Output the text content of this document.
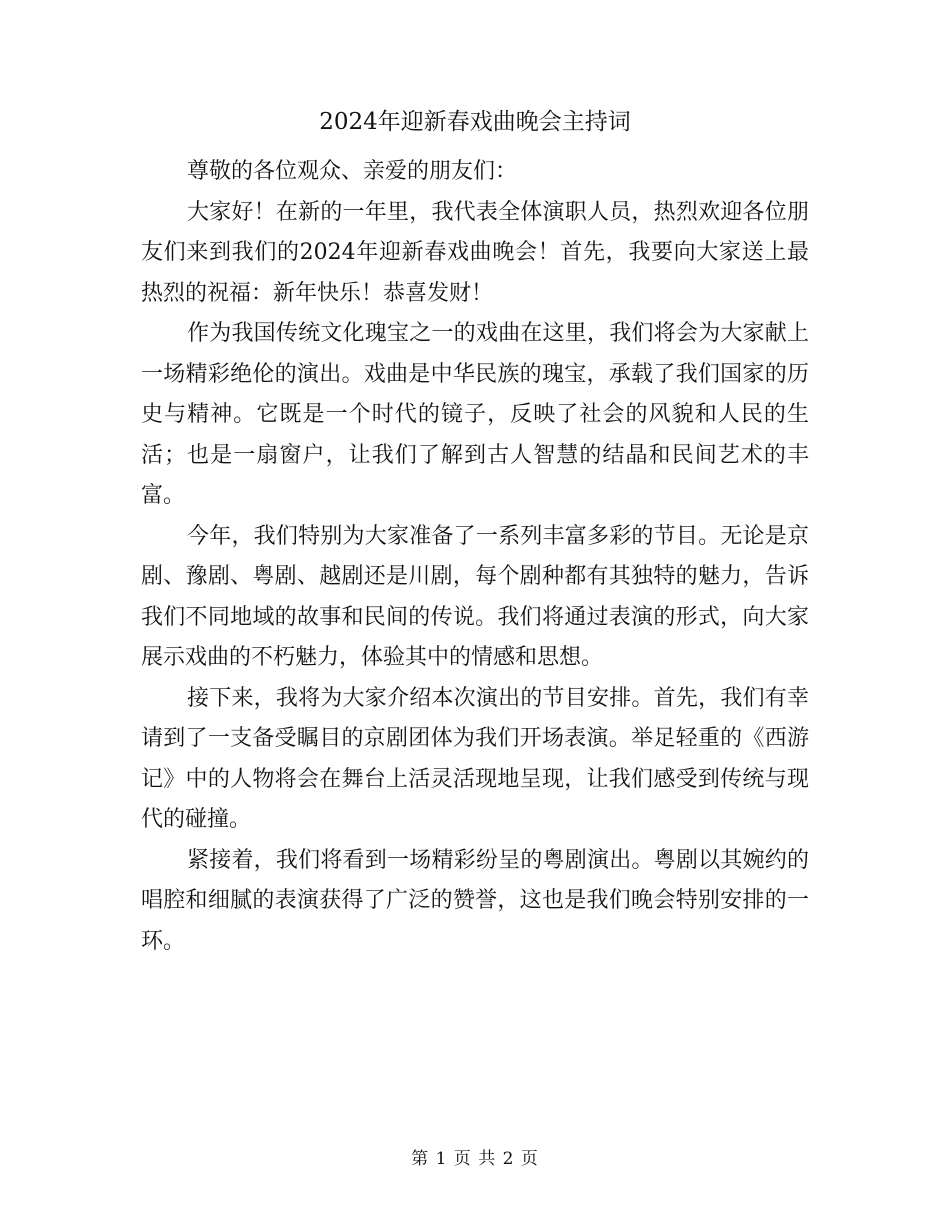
2024年迎新春戏曲晚会主持词

尊敬的各位观众、亲爱的朋友们：

大家好！在新的一年里，我代表全体演职人员，热烈欢迎各位朋友们来到我们的2024年迎新春戏曲晚会！首先，我要向大家送上最热烈的祝福：新年快乐！恭喜发财！

作为我国传统文化瑰宝之一的戏曲在这里，我们将会为大家献上一场精彩绝伦的演出。戏曲是中华民族的瑰宝，承载了我们国家的历史与精神。它既是一个时代的镜子，反映了社会的风貌和人民的生活；也是一扇窗户，让我们了解到古人智慧的结晶和民间艺术的丰富。

今年，我们特别为大家准备了一系列丰富多彩的节目。无论是京剧、豫剧、粤剧、越剧还是川剧，每个剧种都有其独特的魅力，告诉我们不同地域的故事和民间的传说。我们将通过表演的形式，向大家展示戏曲的不朽魅力，体验其中的情感和思想。

接下来，我将为大家介绍本次演出的节目安排。首先，我们有幸请到了一支备受瞩目的京剧团体为我们开场表演。举足轻重的《西游记》中的人物将会在舞台上活灵活现地呈现，让我们感受到传统与现代的碰撞。

紧接着，我们将看到一场精彩纷呈的粤剧演出。粤剧以其婉约的唱腔和细腻的表演获得了广泛的赞誉，这也是我们晚会特别安排的一环。

第 1 页 共 2 页
